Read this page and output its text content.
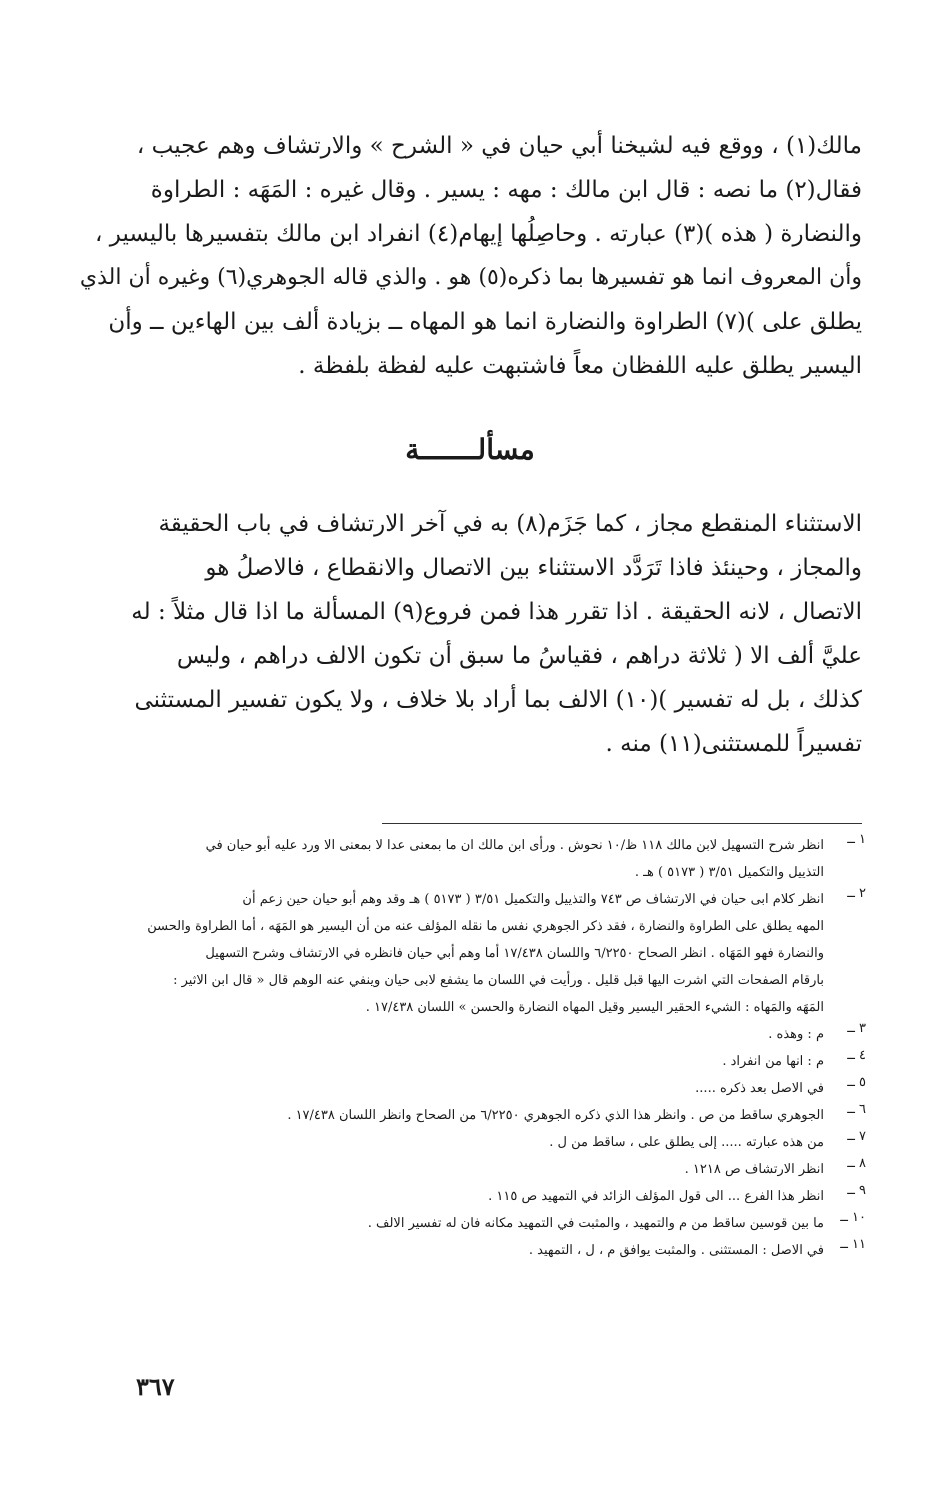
مالك(١) ، ووقع فيه لشيخنا أبي حيان في « الشرح » والارتشاف وهم عجيب ،
فقال(٢) ما نصه : قال ابن مالك : مهه : يسير . وقال غيره : المَهَه : الطراوة
والنضارة ( هذه )(٣) عبارته . وحاصِلُها إيهام(٤) انفراد ابن مالك بتفسيرها باليسير ،
وأن المعروف انما هو تفسيرها بما ذكره(٥) هو . والذي قاله الجوهري(٦) وغيره أن الذي
يطلق على )(٧) الطراوة والنضارة انما هو المهاه ــ بزيادة ألف بين الهاءين ــ وأن
اليسير يطلق عليه اللفظان معاً فاشتبهت عليه لفظة بلفظة .
مسألـــــــة
الاستثناء المنقطع مجاز ، كما جَزَم(٨) به في آخر الارتشاف في باب الحقيقة
والمجاز ، وحينئذ فاذا تَرَدَّد الاستثناء بين الاتصال والانقطاع ، فالاصلُ هو
الاتصال ، لانه الحقيقة . اذا تقرر هذا فمن فروع(٩) المسألة ما اذا قال مثلاً : له
عليَّ ألف الا ( ثلاثة دراهم ، فقياسُ ما سبق أن تكون الالف دراهم ، وليس
كذلك ، بل له تفسير )(١٠) الالف بما أراد بلا خلاف ، ولا يكون تفسير المستثنى
تفسيراً للمستثنى(١١) منه .
١ ــ
انظر شرح التسهيل لابن مالك ١١٨ ظ/١٠ نحوش . ورأى ابن مالك ان ما بمعنى عدا لا بمعنى الا ورد عليه أبو حيان في
التذييل والتكميل ٣/٥١ ( ٥١٧٣ ) هـ .
٢ ــ
انظر كلام ابى حيان في الارتشاف ص ٧٤٣ والتذييل والتكميل ٣/٥١ ( ٥١٧٣ ) هـ وقد وهم أبو حيان حين زعم أن
المهه يطلق على الطراوة والنضارة ، فقد ذكر الجوهري نفس ما نقله المؤلف عنه من أن اليسير هو المَهَه ، أما الطراوة والحسن
والنضارة فهو المَهَاه . انظر الصحاح ٦/٢٢٥٠ واللسان ١٧/٤٣٨ أما وهم أبي حيان فانظره في الارتشاف وشرح التسهيل
بارقام الصفحات التي اشرت اليها قبل قليل . ورأيت في اللسان ما يشفع لابى حيان وينفي عنه الوهم قال « قال ابن الاثير :
المَهَه والمَهاه : الشيء الحقير اليسير وقيل المهاه النضارة والحسن » اللسان ١٧/٤٣٨ .
٣ ــ
م : وهذه .
٤ ــ
م : انها من انفراد .
٥ ــ
في الاصل بعد ذكره .....
٦ ــ
الجوهري ساقط من ص . وانظر هذا الذي ذكره الجوهري ٦/٢٢٥٠ من الصحاح وانظر اللسان ١٧/٤٣٨ .
٧ ــ
من هذه عبارته ..... إلى يطلق على ، ساقط من ل .
٨ ــ
انظر الارتشاف ص ١٢١٨ .
٩ ــ
انظر هذا الفرع ... الى قول المؤلف الزائد في التمهيد ص ١١٥ .
١٠ ــ
ما بين قوسين ساقط من م والتمهيد ، والمثبت في التمهيد مكانه فان له تفسير الالف .
١١ ــ
في الاصل : المستثنى . والمثبت يوافق م ، ل ، التمهيد .
٣٦٧
